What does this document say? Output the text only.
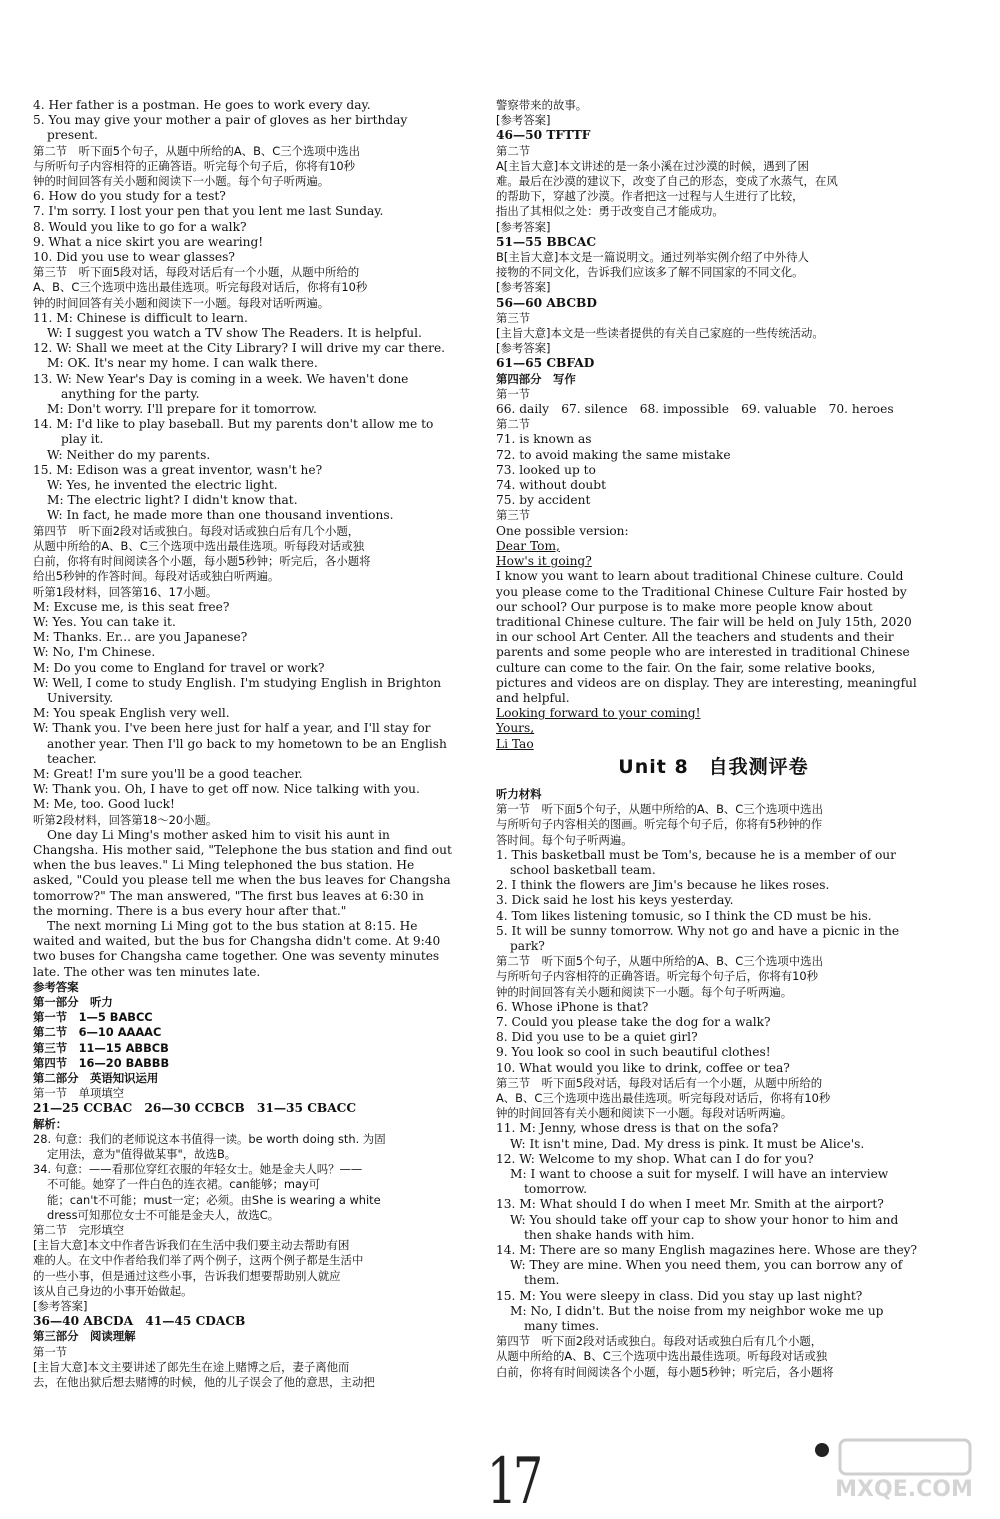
4. Her father is a postman. He goes to work every day.
5. You may give your mother a pair of gloves as her birthday
present.
第二节　听下面5个句子，从题中所给的A、B、C三个选项中选出
与所听句子内容相符的正确答语。听完每个句子后，你将有10秒
钟的时间回答有关小题和阅读下一小题。每个句子听两遍。
6. How do you study for a test?
7. I'm sorry. I lost your pen that you lent me last Sunday.
8. Would you like to go for a walk?
9. What a nice skirt you are wearing!
10. Did you use to wear glasses?
第三节　听下面5段对话，每段对话后有一个小题，从题中所给的
A、B、C三个选项中选出最佳选项。听完每段对话后，你将有10秒
钟的时间回答有关小题和阅读下一小题。每段对话听两遍。
11. M: Chinese is difficult to learn.
W: I suggest you watch a TV show The Readers. It is helpful.
12. W: Shall we meet at the City Library? I will drive my car there.
M: OK. It's near my home. I can walk there.
13. W: New Year's Day is coming in a week. We haven't done
anything for the party.
M: Don't worry. I'll prepare for it tomorrow.
14. M: I'd like to play baseball. But my parents don't allow me to
play it.
W: Neither do my parents.
15. M: Edison was a great inventor, wasn't he?
W: Yes, he invented the electric light.
M: The electric light? I didn't know that.
W: In fact, he made more than one thousand inventions.
第四节　听下面2段对话或独白。每段对话或独白后有几个小题，
从题中所给的A、B、C三个选项中选出最佳选项。听每段对话或独
白前，你将有时间阅读各个小题，每小题5秒钟；听完后，各小题将
给出5秒钟的作答时间。每段对话或独白听两遍。
听第1段材料，回答第16、17小题。
M: Excuse me, is this seat free?
W: Yes. You can take it.
M: Thanks. Er... are you Japanese?
W: No, I'm Chinese.
M: Do you come to England for travel or work?
W: Well, I come to study English. I'm studying English in Brighton
University.
M: You speak English very well.
W: Thank you. I've been here just for half a year, and I'll stay for
another year. Then I'll go back to my hometown to be an English
teacher.
M: Great! I'm sure you'll be a good teacher.
W: Thank you. Oh, I have to get off now. Nice talking with you.
M: Me, too. Good luck!
听第2段材料，回答第18～20小题。
One day Li Ming's mother asked him to visit his aunt in
Changsha. His mother said, "Telephone the bus station and find out
when the bus leaves." Li Ming telephoned the bus station. He
asked, "Could you please tell me when the bus leaves for Changsha
tomorrow?" The man answered, "The first bus leaves at 6:30 in
the morning. There is a bus every hour after that."
The next morning Li Ming got to the bus station at 8:15. He
waited and waited, but the bus for Changsha didn't come. At 9:40
two buses for Changsha came together. One was seventy minutes
late. The other was ten minutes late.
参考答案
第一部分　听力
第一节　1—5 BABCC
第二节　6—10 AAAAC
第三节　11—15 ABBCB
第四节　16—20 BABBB
第二部分　英语知识运用
第一节　单项填空
21—25 CCBAC　26—30 CCBCB　31—35 CBACC
解析：
28. 句意：我们的老师说这本书值得一读。be worth doing sth. 为固
定用法，意为"值得做某事"，故选B。
34. 句意：——看那位穿红衣服的年轻女士。她是金夫人吗？——
不可能。她穿了一件白色的连衣裙。can能够；may可
能；can't不可能；must一定；必须。由She is wearing a white
dress可知那位女士不可能是金夫人，故选C。
第二节　完形填空
[主旨大意]本文中作者告诉我们在生活中我们要主动去帮助有困
难的人。在文中作者给我们举了两个例子，这两个例子都是生活中
的一些小事，但是通过这些小事，告诉我们想要帮助别人就应
该从自己身边的小事开始做起。
[参考答案]
36—40 ABCDA　41—45 CDACB
第三部分　阅读理解
第一节
[主旨大意]本文主要讲述了郎先生在途上赌博之后，妻子离他而
去，在他出狱后想去赌博的时候，他的儿子误会了他的意思，主动把
警察带来的故事。
[参考答案]
46—50 TFTTF
第二节
A[主旨大意]本文讲述的是一条小溪在过沙漠的时候，遇到了困
难。最后在沙漠的建议下，改变了自己的形态，变成了水蒸气，在风
的帮助下，穿越了沙漠。作者把这一过程与人生进行了比较，
指出了其相似之处：勇于改变自己才能成功。
[参考答案]
51—55 BBCAC
B[主旨大意]本文是一篇说明文。通过列举实例介绍了中外待人
接物的不同文化，告诉我们应该多了解不同国家的不同文化。
[参考答案]
56—60 ABCBD
第三节
[主旨大意]本文是一些读者提供的有关自己家庭的一些传统活动。
[参考答案]
61—65 CBFAD
第四部分　写作
第一节
66. daily　67. silence　68. impossible　69. valuable　70. heroes
第二节
71. is known as
72. to avoid making the same mistake
73. looked up to
74. without doubt
75. by accident
第三节
One possible version:
Dear Tom,
How's it going?
I know you want to learn about traditional Chinese culture. Could
you please come to the Traditional Chinese Culture Fair hosted by
our school? Our purpose is to make more people know about
traditional Chinese culture. The fair will be held on July 15th, 2020
in our school Art Center. All the teachers and students and their
parents and some people who are interested in traditional Chinese
culture can come to the fair. On the fair, some relative books,
pictures and videos are on display. They are interesting, meaningful
and helpful.
Looking forward to your coming!
Yours,
Li Tao
Unit 8　自我测评卷
听力材料
第一节　听下面5个句子，从题中所给的A、B、C三个选项中选出
与所听句子内容相关的图画。听完每个句子后，你将有5秒钟的作
答时间。每个句子听两遍。
1. This basketball must be Tom's, because he is a member of our
school basketball team.
2. I think the flowers are Jim's because he likes roses.
3. Dick said he lost his keys yesterday.
4. Tom likes listening tomusic, so I think the CD must be his.
5. It will be sunny tomorrow. Why not go and have a picnic in the
park?
第二节　听下面5个句子，从题中所给的A、B、C三个选项中选出
与所听句子内容相符的正确答语。听完每个句子后，你将有10秒
钟的时间回答有关小题和阅读下一小题。每个句子听两遍。
6. Whose iPhone is that?
7. Could you please take the dog for a walk?
8. Did you use to be a quiet girl?
9. You look so cool in such beautiful clothes!
10. What would you like to drink, coffee or tea?
第三节　听下面5段对话，每段对话后有一个小题，从题中所给的
A、B、C三个选项中选出最佳选项。听完每段对话后，你将有10秒
钟的时间回答有关小题和阅读下一小题。每段对话听两遍。
11. M: Jenny, whose dress is that on the sofa?
W: It isn't mine, Dad. My dress is pink. It must be Alice's.
12. W: Welcome to my shop. What can I do for you?
M: I want to choose a suit for myself. I will have an interview
tomorrow.
13. M: What should I do when I meet Mr. Smith at the airport?
W: You should take off your cap to show your honor to him and
then shake hands with him.
14. M: There are so many English magazines here. Whose are they?
W: They are mine. When you need them, you can borrow any of
them.
15. M: You were sleepy in class. Did you stay up last night?
M: No, I didn't. But the noise from my neighbor woke me up
many times.
第四节　听下面2段对话或独白。每段对话或独白后有几个小题，
从题中所给的A、B、C三个选项中选出最佳选项。听每段对话或独
白前，你将有时间阅读各个小题，每小题5秒钟；听完后，各小题将
17	MXQE.COM
